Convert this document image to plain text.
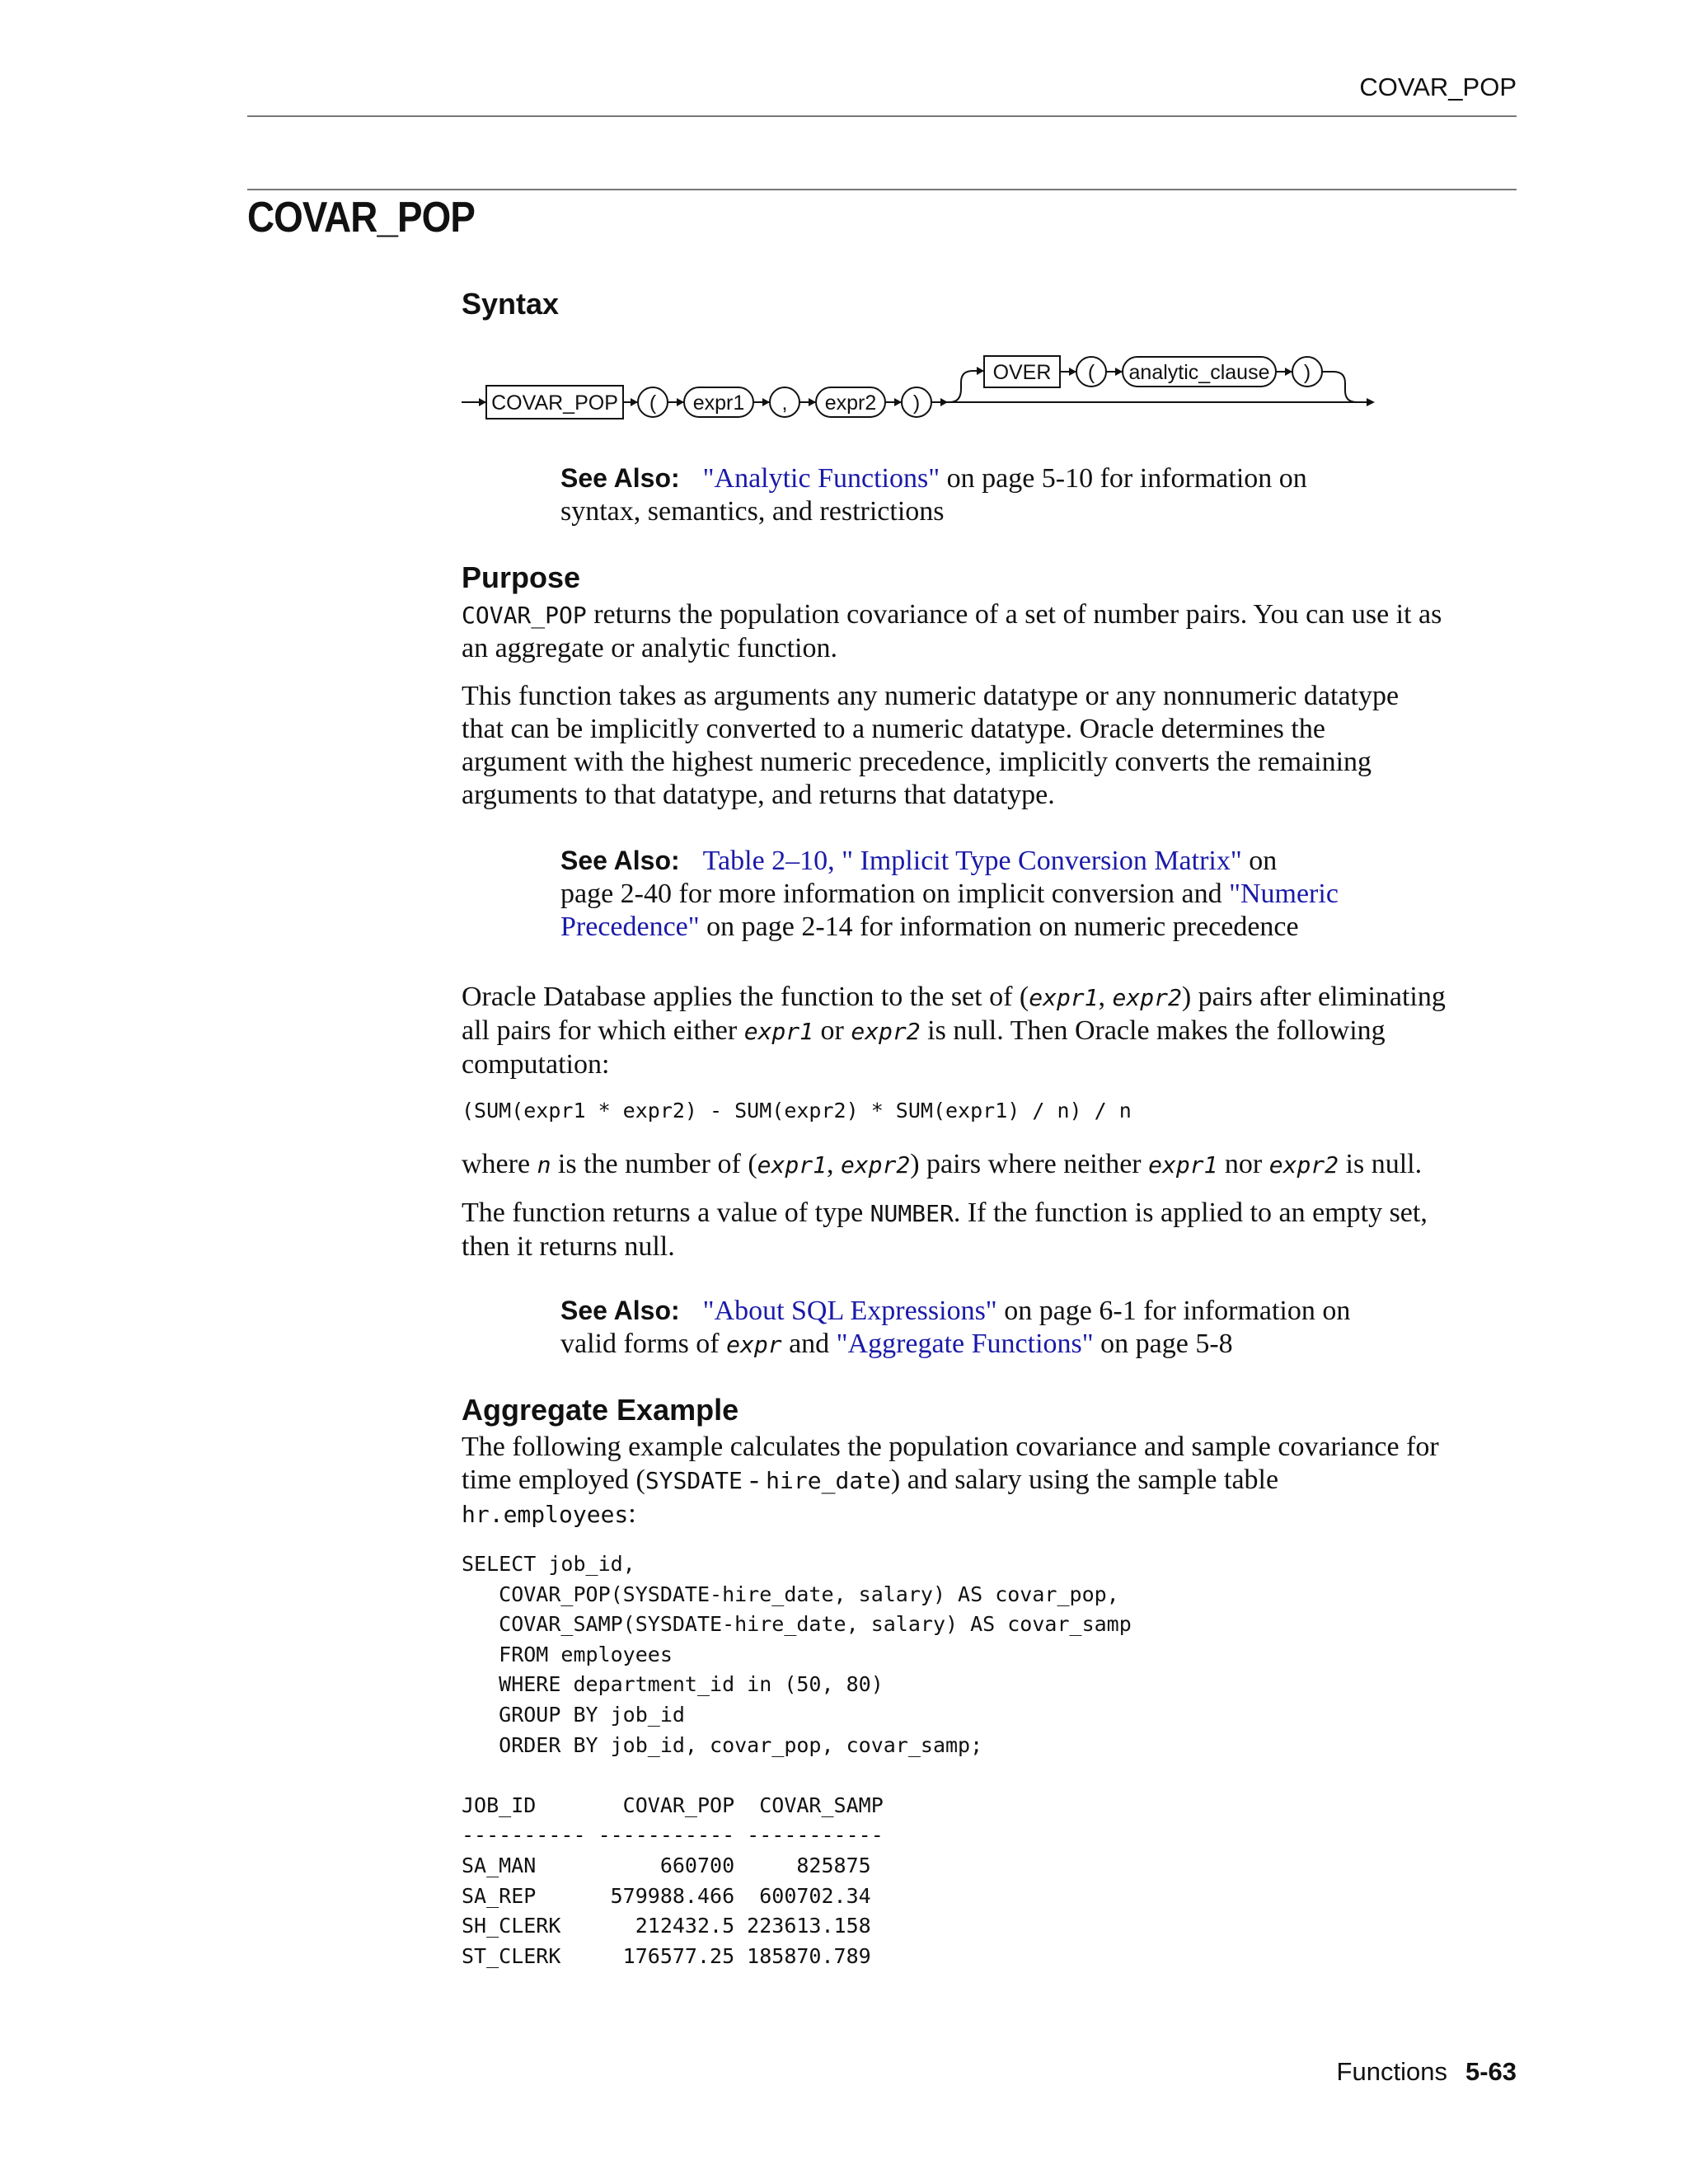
COVAR_POP
COVAR_POP
Syntax
COVAR_POP ( expr1 , expr2 )
OVER ( analytic_clause )
See Also: "Analytic Functions" on page 5-10 for information on
syntax, semantics, and restrictions
Purpose

COVAR_POP returns the population covariance of a set of number pairs. You can use it as
an aggregate or analytic function.

This function takes as arguments any numeric datatype or any nonnumeric datatype
that can be implicitly converted to a numeric datatype. Oracle determines the
argument with the highest numeric precedence, implicitly converts the remaining
arguments to that datatype, and returns that datatype.

See Also: Table 2–10, " Implicit Type Conversion Matrix" on
page 2-40 for more information on implicit conversion and "Numeric
Precedence" on page 2-14 for information on numeric precedence

Oracle Database applies the function to the set of (expr1, expr2) pairs after eliminating
all pairs for which either expr1 or expr2 is null. Then Oracle makes the following
computation:

(SUM(expr1 * expr2) - SUM(expr2) * SUM(expr1) / n) / n

where n is the number of (expr1, expr2) pairs where neither expr1 nor expr2 is null.

The function returns a value of type NUMBER. If the function is applied to an empty set,
then it returns null.

See Also: "About SQL Expressions" on page 6-1 for information on
valid forms of expr and "Aggregate Functions" on page 5-8
Aggregate Example

The following example calculates the population covariance and sample covariance for
time employed (SYSDATE - hire_date) and salary using the sample table
hr.employees:

SELECT job_id,
COVAR_POP(SYSDATE-hire_date, salary) AS covar_pop,
COVAR_SAMP(SYSDATE-hire_date, salary) AS covar_samp
FROM employees
WHERE department_id in (50, 80)
GROUP BY job_id
ORDER BY job_id, covar_pop, covar_samp;

JOB_ID       COVAR_POP  COVAR_SAMP
---------- ----------- -----------
SA_MAN          660700     825875
SA_REP      579988.466  600702.34
SH_CLERK      212432.5 223613.158
ST_CLERK     176577.25 185870.789
Functions 5-63
